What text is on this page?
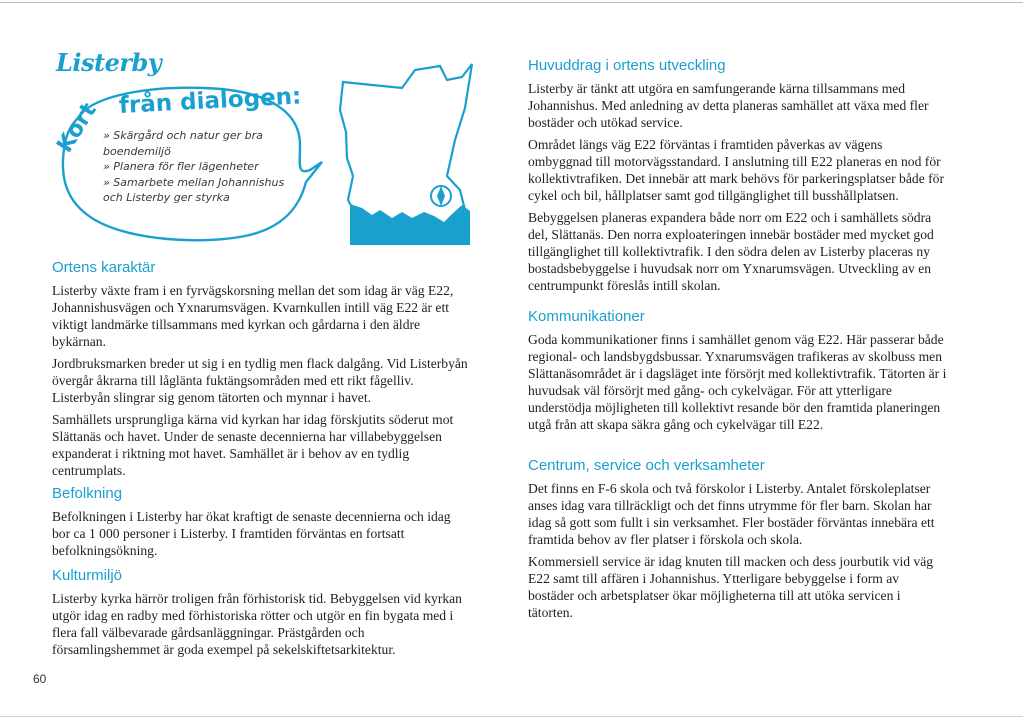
Listerby
Kort från dialogen:
» Skärgård och natur ger bra
boendemiljö
» Planera för fler lägenheter
» Samarbete mellan Johannishus
och Listerby ger styrka
Ortens karaktär

Listerby växte fram i en fyrvägskorsning mellan det som idag är väg E22, Johannishusvägen och Yxnarumsvägen. Kvarnkullen intill väg E22 är ett viktigt landmärke tillsammans med kyrkan och gårdarna i den äldre bykärnan.

Jordbruksmarken breder ut sig i en tydlig men flack dalgång. Vid Listerbyån övergår åkrarna till låglänta fuktängsområden med ett rikt fågelliv. Listerbyån slingrar sig genom tätorten och mynnar i havet.

Samhällets ursprungliga kärna vid kyrkan har idag förskjutits söderut mot Slättanäs och havet. Under de senaste decennierna har villabebyggelsen expanderat i riktning mot havet. Samhället är i behov av en tydlig centrumplats.

Befolkning

Befolkningen i Listerby har ökat kraftigt de senaste decennierna och idag bor ca 1 000 personer i Listerby. I framtiden förväntas en fortsatt befolkningsökning.

Kulturmiljö

Listerby kyrka härrör troligen från förhistorisk tid. Bebyggelsen vid kyrkan utgör idag en radby med förhistoriska rötter och utgör en fin bygata med i flera fall välbevarade gårdsanläggningar. Prästgården och församlingshemmet är goda exempel på sekelskiftetsarkitektur.

Huvuddrag i ortens utveckling

Listerby är tänkt att utgöra en samfungerande kärna tillsammans med Johannishus. Med anledning av detta planeras samhället att växa med fler bostäder och utökad service.

Området längs väg E22 förväntas i framtiden påverkas av vägens ombyggnad till motorvägsstandard. I anslutning till E22 planeras en nod för kollektivtrafiken. Det innebär att mark behövs för parkeringsplatser både för cykel och bil, hållplatser samt god tillgänglighet till busshållplatsen.

Bebyggelsen planeras expandera både norr om E22 och i samhällets södra del, Slättanäs. Den norra exploateringen innebär bostäder med mycket god tillgänglighet till kollektivtrafik. I den södra delen av Listerby placeras ny bostadsbebyggelse i huvudsak norr om Yxnarumsvägen. Utveckling av en centrumpunkt föreslås intill skolan.

Kommunikationer

Goda kommunikationer finns i samhället genom väg E22. Här passerar både regional- och landsbygdsbussar. Yxnarumsvägen trafikeras av skolbuss men Slättanäsområdet är i dagsläget inte försörjt med kollektivtrafik. Tätorten är i huvudsak väl försörjt med gång- och cykelvägar. För att ytterligare understödja möjligheten till kollektivt resande bör den framtida planeringen utgå från att skapa säkra gång och cykelvägar till E22.

Centrum, service och verksamheter

Det finns en F-6 skola och två förskolor i Listerby. Antalet förskoleplatser anses idag vara tillräckligt och det finns utrymme för fler barn. Skolan har idag så gott som fullt i sin verksamhet. Fler bostäder förväntas innebära ett framtida behov av fler platser i förskola och skola.

Kommersiell service är idag knuten till macken och dess jourbutik vid väg E22 samt till affären i Johannishus. Ytterligare bebyggelse i form av bostäder och arbetsplatser ökar möjligheterna till att utöka servicen i tätorten.

60
